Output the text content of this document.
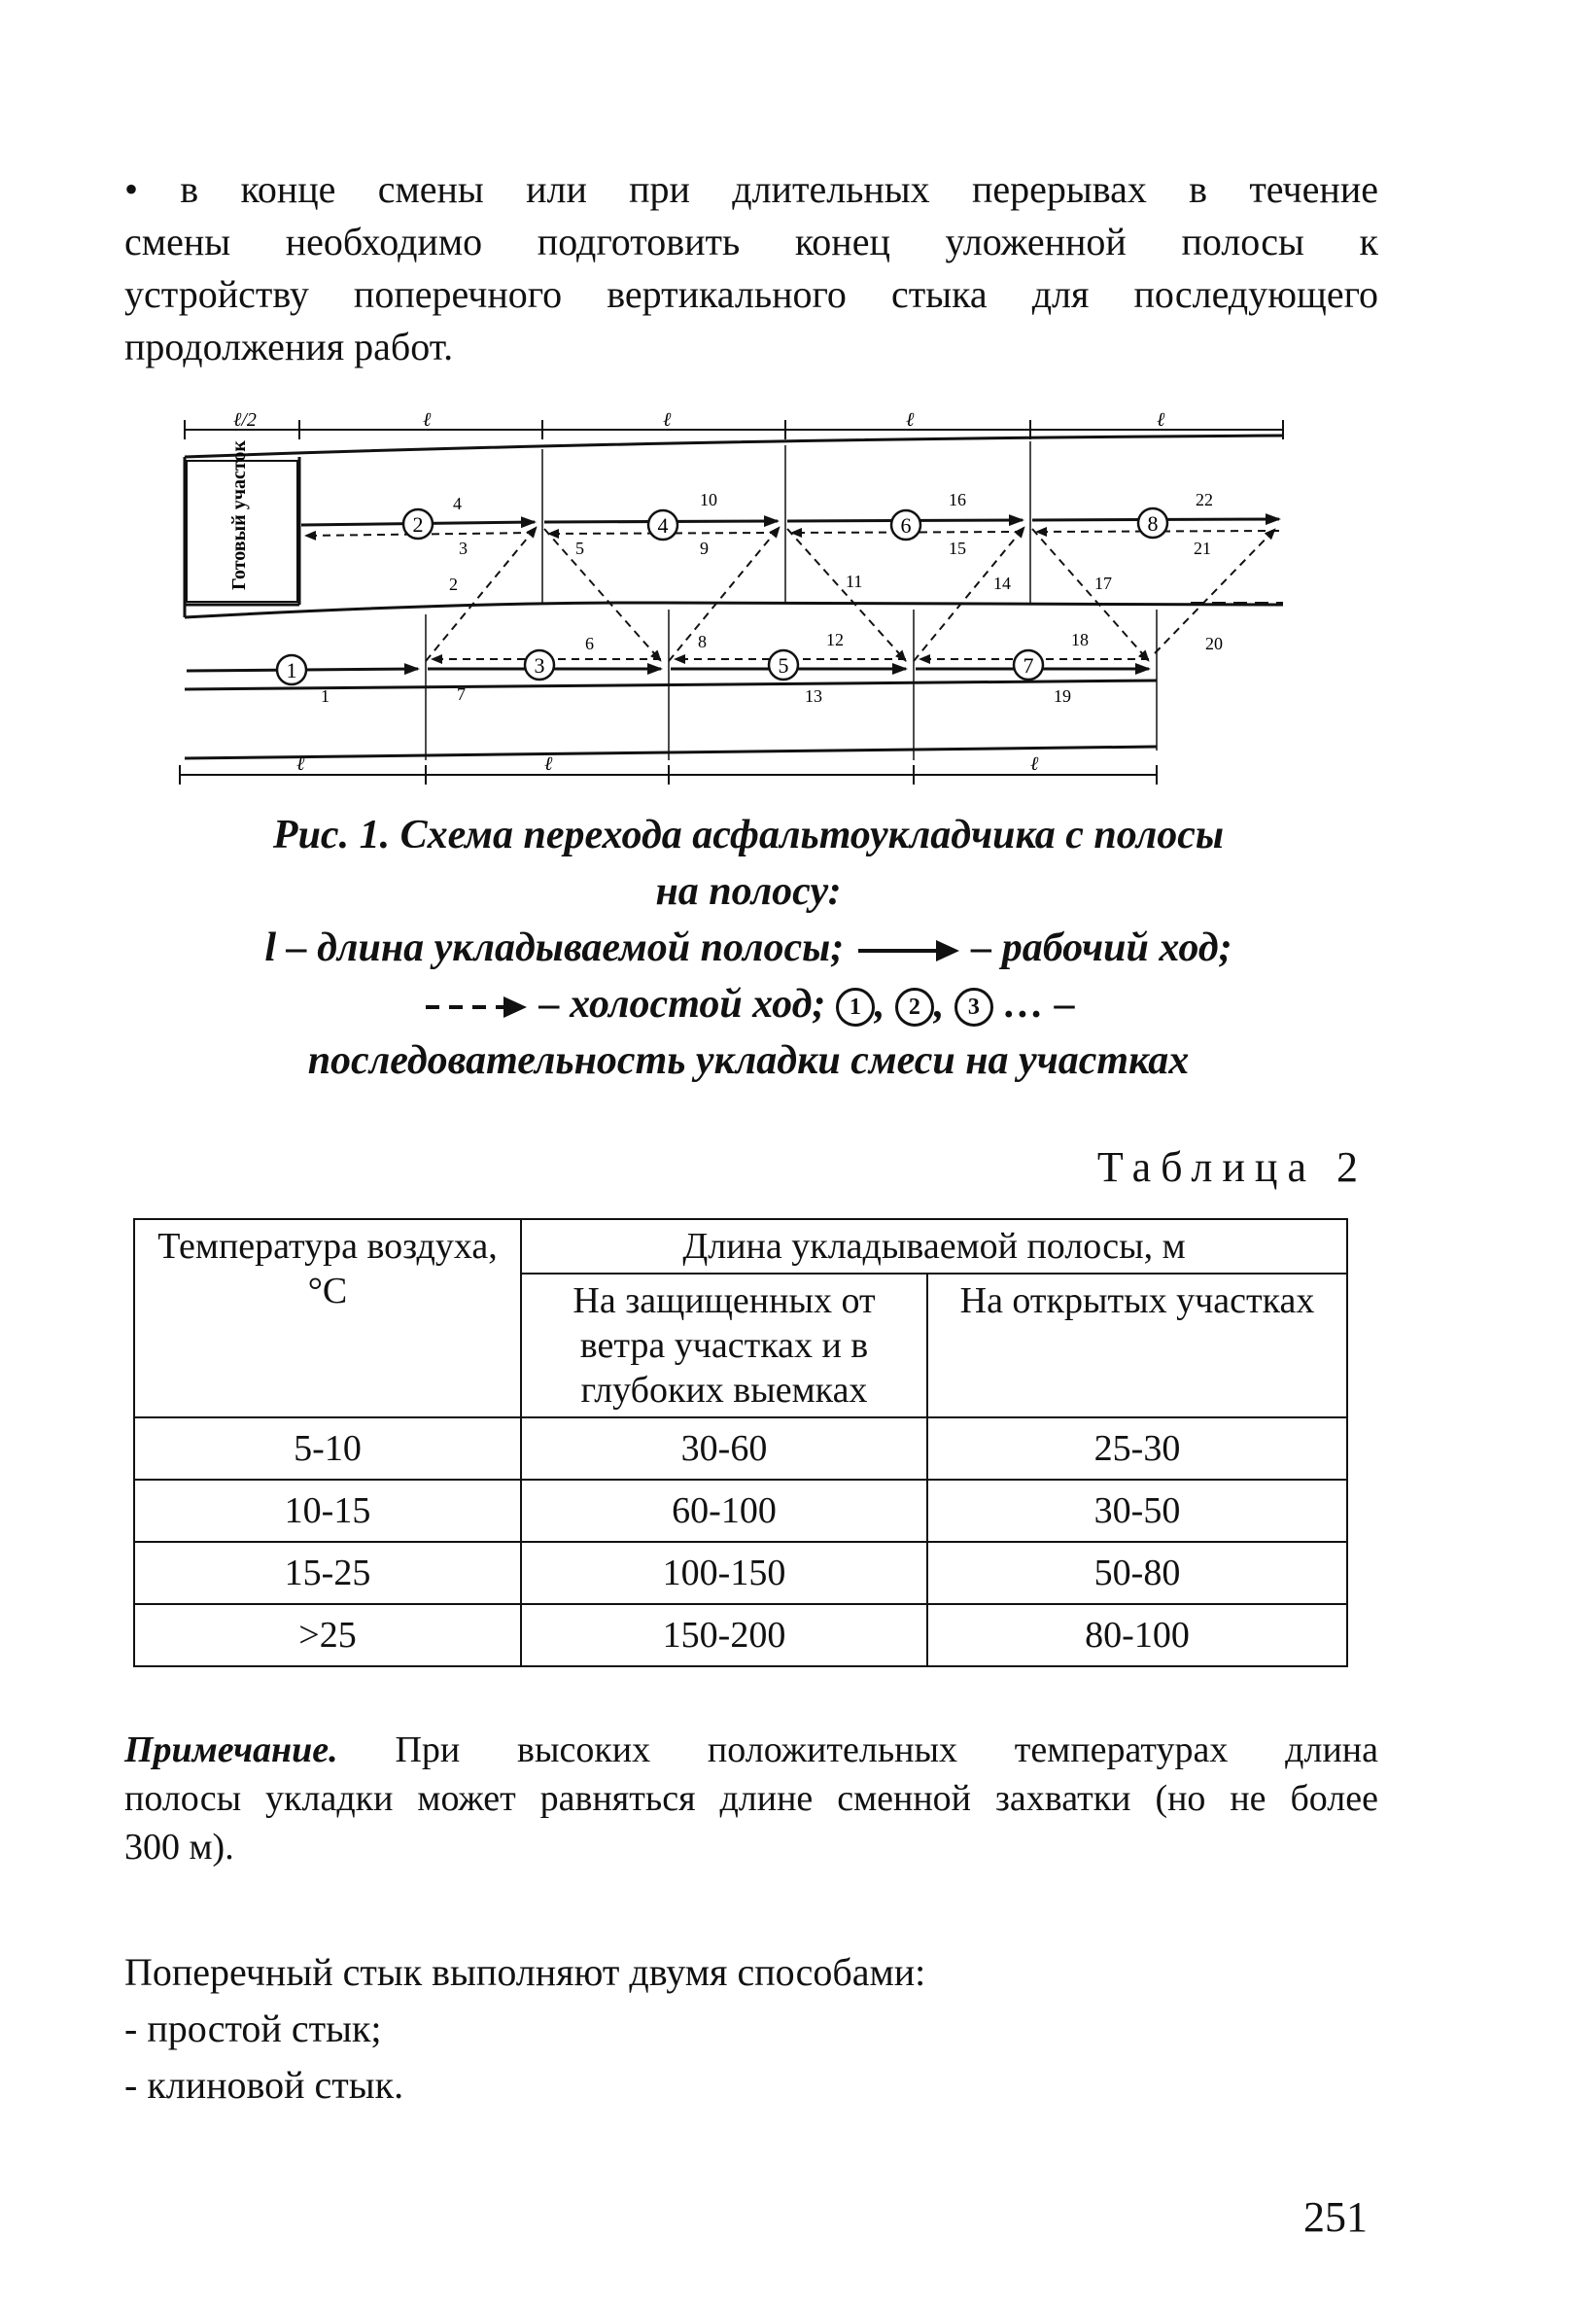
• в конце смены или при длительных перерывах в течение
смены необходимо подготовить конец уложенной полосы к
устройству поперечного вертикального стыка для последующего
продолжения работ.
ℓ/2	ℓ	ℓ	ℓ	ℓ
Готовый участок
1
2
3
4
5
6
7
8
1
2
3
4
5
6
7
8
9
10
11
12
13
14
15
16
17
18
19
20
21
22
ℓ	ℓ	ℓ
Рис. 1. Схема перехода асфальтоукладчика с полосы
на полосу:
l – длина укладываемой полосы;	– рабочий ход;
– холостой ход; 1 , 2 , 3 … –
последовательность укладки смеси на участках
Таблица 2
Температура воздуха, °С	Длина укладываемой полосы, м	
	На защищенных от ветра участках и в глубоких выемках	На открытых участках
5-10	30-60	25-30
10-15	60-100	30-50
15-25	100-150	50-80
>25	150-200	80-100
Примечание. При высоких положительных температурах длина
полосы укладки может равняться длине сменной захватки (но не более
300 м).
Поперечный стык выполняют двумя способами:
- простой стык;
- клиновой стык.
251
